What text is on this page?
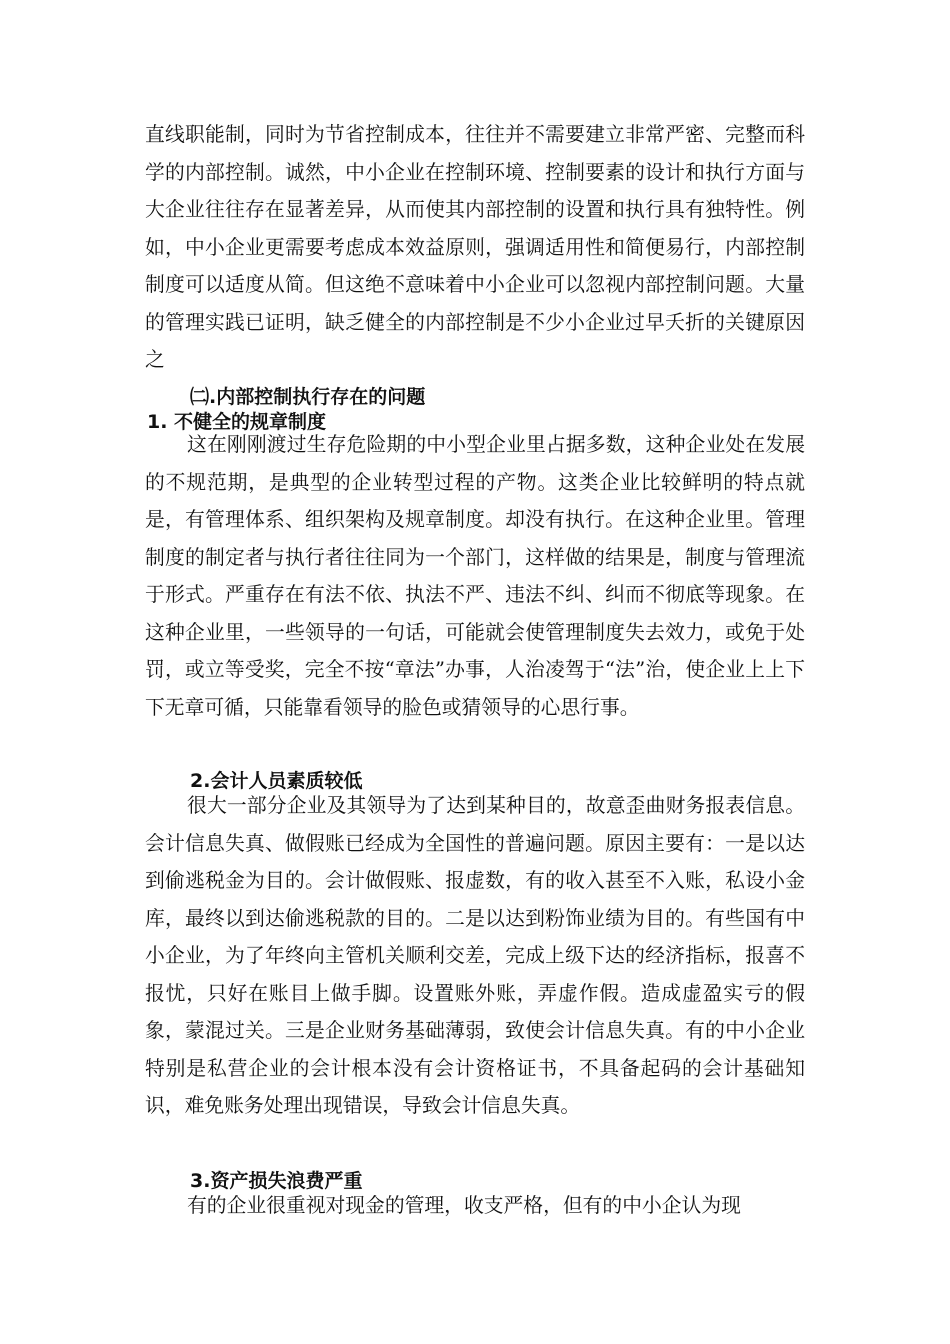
直线职能制，同时为节省控制成本，往往并不需要建立非常严密、完整而科学的内部控制。诚然，中小企业在控制环境、控制要素的设计和执行方面与大企业往往存在显著差异，从而使其内部控制的设置和执行具有独特性。例如，中小企业更需要考虑成本效益原则，强调适用性和简便易行，内部控制制度可以适度从简。但这绝不意味着中小企业可以忽视内部控制问题。大量的管理实践已证明，缺乏健全的内部控制是不少小企业过早夭折的关键原因之

㈡.内部控制执行存在的问题
1. 不健全的规章制度

这在刚刚渡过生存危险期的中小型企业里占据多数，这种企业处在发展的不规范期，是典型的企业转型过程的产物。这类企业比较鲜明的特点就是，有管理体系、组织架构及规章制度。却没有执行。在这种企业里。管理制度的制定者与执行者往往同为一个部门，这样做的结果是，制度与管理流于形式。严重存在有法不依、执法不严、违法不纠、纠而不彻底等现象。在这种企业里，一些领导的一句话，可能就会使管理制度失去效力，或免于处罚，或立等受奖，完全不按“章法”办事，人治凌驾于“法”治，使企业上上下下无章可循，只能靠看领导的脸色或猜领导的心思行事。

2.会计人员素质较低

很大一部分企业及其领导为了达到某种目的，故意歪曲财务报表信息。会计信息失真、做假账已经成为全国性的普遍问题。原因主要有：一是以达到偷逃税金为目的。会计做假账、报虚数，有的收入甚至不入账，私设小金库，最终以到达偷逃税款的目的。二是以达到粉饰业绩为目的。有些国有中小企业，为了年终向主管机关顺利交差，完成上级下达的经济指标，报喜不报忧，只好在账目上做手脚。设置账外账，弄虚作假。造成虚盈实亏的假象，蒙混过关。三是企业财务基础薄弱，致使会计信息失真。有的中小企业特别是私营企业的会计根本没有会计资格证书，不具备起码的会计基础知识，难免账务处理出现错误，导致会计信息失真。

3.资产损失浪费严重

有的企业很重视对现金的管理，收支严格，但有的中小企认为现
